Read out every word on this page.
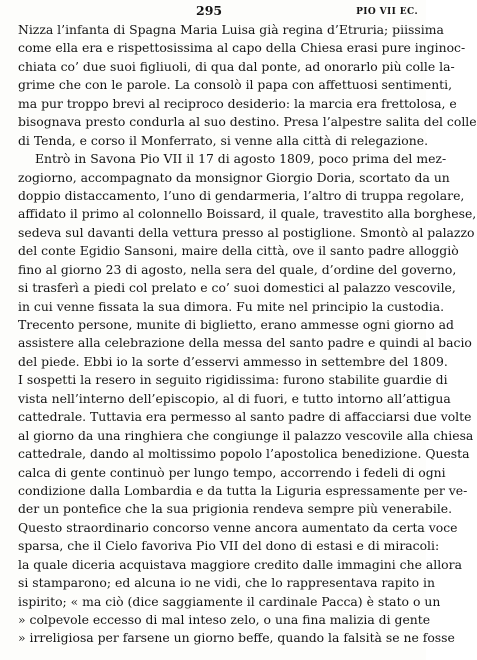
295	PIO VII EC.
Nizza l’infanta di Spagna Maria Luisa già regina d’Etruria; piissima
come ella era e rispettosissima al capo della Chiesa erasi pure inginoc-
chiata co’ due suoi figliuoli, di qua dal ponte, ad onorarlo più colle la-
grime che con le parole. La consolò il papa con affettuosi sentimenti,
ma pur troppo brevi al reciproco desiderio: la marcia era frettolosa, e
bisognava presto condurla al suo destino. Presa l’alpestre salita del colle
di Tenda, e corso il Monferrato, si venne alla città di relegazione.
Entrò in Savona Pio VII il 17 di agosto 1809, poco prima del mez-
zogiorno, accompagnato da monsignor Giorgio Doria, scortato da un
doppio distaccamento, l’uno di gendarmeria, l’altro di truppa regolare,
affidato il primo al colonnello Boissard, il quale, travestito alla borghese,
sedeva sul davanti della vettura presso al postiglione. Smontò al palazzo
del conte Egidio Sansoni, maire della città, ove il santo padre alloggiò
fino al giorno 23 di agosto, nella sera del quale, d’ordine del governo,
si trasferì a piedi col prelato e co’ suoi domestici al palazzo vescovile,
in cui venne fissata la sua dimora. Fu mite nel principio la custodia.
Trecento persone, munite di biglietto, erano ammesse ogni giorno ad
assistere alla celebrazione della messa del santo padre e quindi al bacio
del piede. Ebbi io la sorte d’esservi ammesso in settembre del 1809.
I sospetti la resero in seguito rigidissima: furono stabilite guardie di
vista nell’interno dell’episcopio, al di fuori, e tutto intorno all’attigua
cattedrale. Tuttavia era permesso al santo padre di affacciarsi due volte
al giorno da una ringhiera che congiunge il palazzo vescovile alla chiesa
cattedrale, dando al moltissimo popolo l’apostolica benedizione. Questa
calca di gente continuò per lungo tempo, accorrendo i fedeli di ogni
condizione dalla Lombardia e da tutta la Liguria espressamente per ve-
der un pontefice che la sua prigionia rendeva sempre più venerabile.
Questo straordinario concorso venne ancora aumentato da certa voce
sparsa, che il Cielo favoriva Pio VII del dono di estasi e di miracoli:
la quale diceria acquistava maggiore credito dalle immagini che allora
si stamparono; ed alcuna io ne vidi, che lo rappresentava rapito in
ispirito; « ma ciò (dice saggiamente il cardinale Pacca) è stato o un
» colpevole eccesso di mal inteso zelo, o una fina malizia di gente
» irreligiosa per farsene un giorno beffe, quando la falsità se ne fosse
